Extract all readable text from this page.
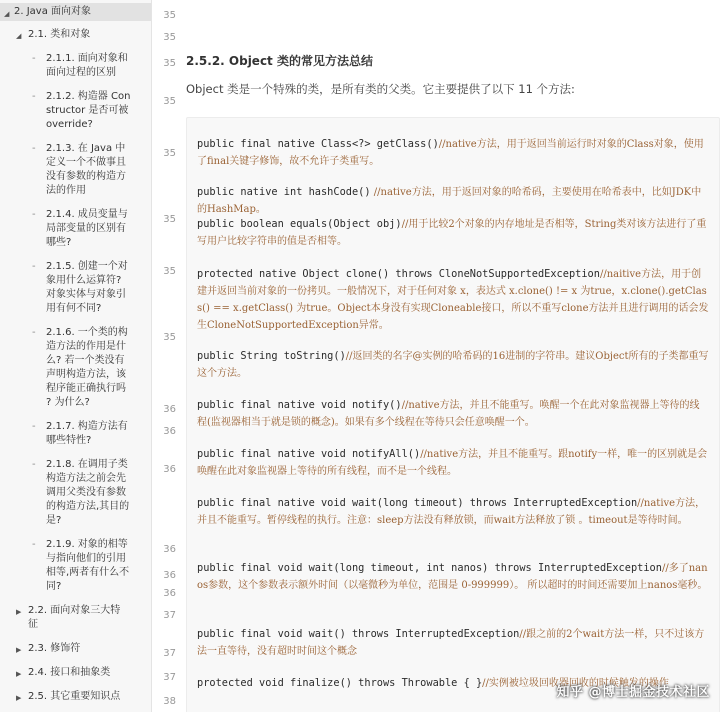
◢ 2. Java 面向对象
◢ 2.1. 类和对象
- 2.1.1. 面向对象和
面向过程的区别
- 2.1.2. 构造器 Con
structor 是否可被
override?
- 2.1.3. 在 Java 中
定义一个不做事且
没有参数的构造方
法的作用
- 2.1.4. 成员变量与
局部变量的区别有
哪些?
- 2.1.5. 创建一个对
象用什么运算符?
对象实体与对象引
用有何不同?
- 2.1.6. 一个类的构
造方法的作用是什
么? 若一个类没有
声明构造方法，该
程序能正确执行吗
? 为什么?
- 2.1.7. 构造方法有
哪些特性?
- 2.1.8. 在调用子类
构造方法之前会先
调用父类没有参数
的构造方法,其目的
是?
- 2.1.9. 对象的相等
与指向他们的引用
相等,两者有什么不
同?
▶ 2.2. 面向对象三大特
征
▶ 2.3. 修饰符
▶ 2.4. 接口和抽象类
▶ 2.5. 其它重要知识点
35
35
35
35
35
35
35
35
36
36
36
36
36
36
37
37
37
38
2.5.2. Object 类的常见方法总结
Object 类是一个特殊的类，是所有类的父类。它主要提供了以下 11 个方法:
public final native Class<?> getClass()//native方法，用于返回当前运行时对象的Class对象，使用了final关键字修饰，故不允许子类重写。
public native int hashCode() //native方法，用于返回对象的哈希码，主要使用在哈希表中，比如JDK中的HashMap。
public boolean equals(Object obj)//用于比较2个对象的内存地址是否相等，String类对该方法进行了重写用户比较字符串的值是否相等。
protected native Object clone() throws CloneNotSupportedException//naitive方法，用于创建并返回当前对象的一份拷贝。一般情况下，对于任何对象 x，表达式 x.clone() != x 为true，x.clone().getClass() == x.getClass() 为true。Object本身没有实现Cloneable接口，所以不重写clone方法并且进行调用的话会发生CloneNotSupportedException异常。
public String toString()//返回类的名字@实例的哈希码的16进制的字符串。建议Object所有的子类都重写这个方法。
public final native void notify()//native方法，并且不能重写。唤醒一个在此对象监视器上等待的线程(监视器相当于就是锁的概念)。如果有多个线程在等待只会任意唤醒一个。
public final native void notifyAll()//native方法，并且不能重写。跟notify一样，唯一的区别就是会唤醒在此对象监视器上等待的所有线程，而不是一个线程。
public final native void wait(long timeout) throws InterruptedException//native方法，并且不能重写。暂停线程的执行。注意：sleep方法没有释放锁，而wait方法释放了锁 。timeout是等待时间。
public final void wait(long timeout, int nanos) throws InterruptedException//多了nanos参数，这个参数表示额外时间（以毫微秒为单位，范围是 0-999999）。 所以超时的时间还需要加上nanos毫秒。
public final void wait() throws InterruptedException//跟之前的2个wait方法一样，只不过该方法一直等待，没有超时时间这个概念
protected void finalize() throws Throwable { }//实例被垃圾回收器回收的时候触发的操作
知乎 @博士掘金技术社区
